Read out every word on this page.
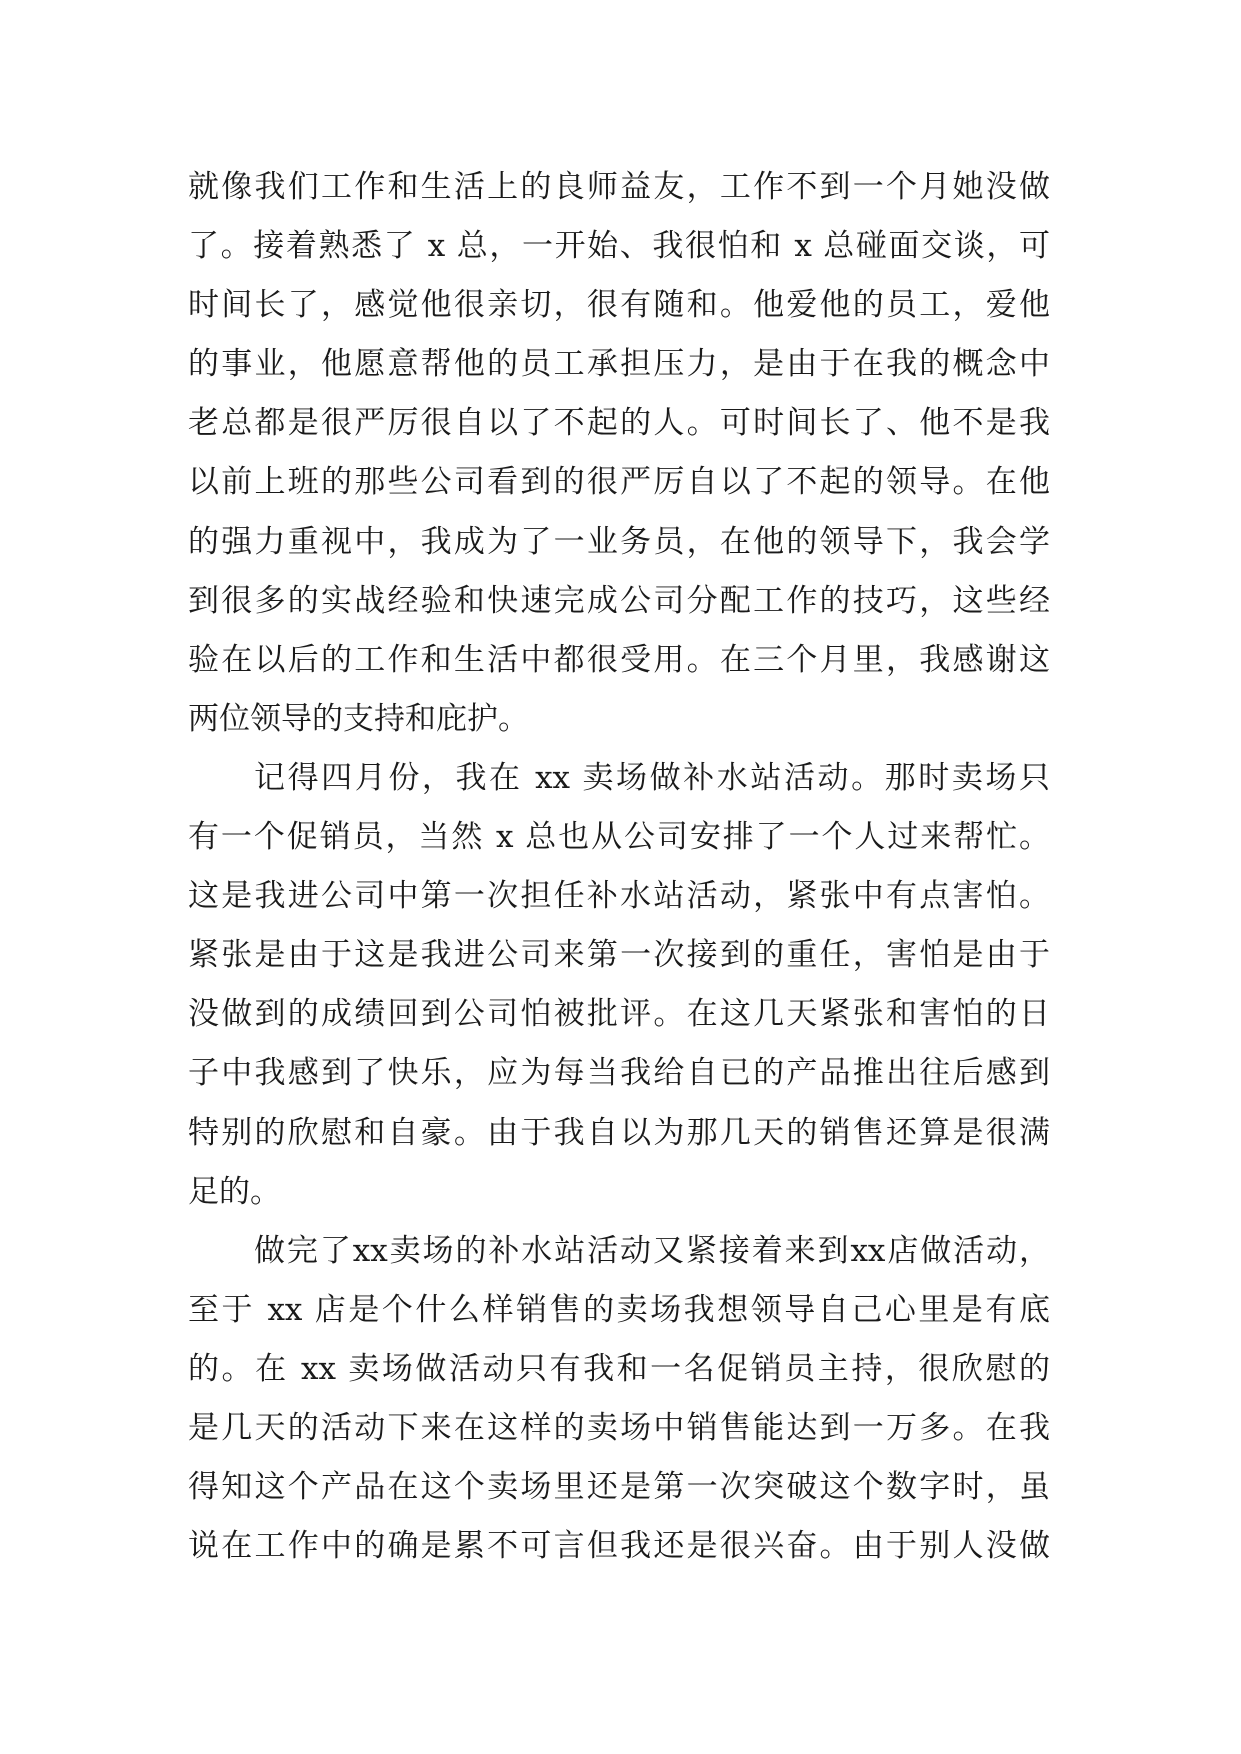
就像我们工作和生活上的良师益友，工作不到一个月她没做
了。接着熟悉了 x 总，一开始、我很怕和 x 总碰面交谈，可
时间长了，感觉他很亲切，很有随和。他爱他的员工，爱他
的事业，他愿意帮他的员工承担压力，是由于在我的概念中
老总都是很严厉很自以了不起的人。可时间长了、他不是我
以前上班的那些公司看到的很严厉自以了不起的领导。在他
的强力重视中，我成为了一业务员，在他的领导下，我会学
到很多的实战经验和快速完成公司分配工作的技巧，这些经
验在以后的工作和生活中都很受用。在三个月里，我感谢这
两位领导的支持和庇护。
记得四月份，我在 xx 卖场做补水站活动。那时卖场只
有一个促销员，当然 x 总也从公司安排了一个人过来帮忙。
这是我进公司中第一次担任补水站活动，紧张中有点害怕。
紧张是由于这是我进公司来第一次接到的重任，害怕是由于
没做到的成绩回到公司怕被批评。在这几天紧张和害怕的日
子中我感到了快乐，应为每当我给自已的产品推出往后感到
特别的欣慰和自豪。由于我自以为那几天的销售还算是很满
足的。
做完了xx卖场的补水站活动又紧接着来到xx店做活动，
至于 xx 店是个什么样销售的卖场我想领导自己心里是有底
的。在 xx 卖场做活动只有我和一名促销员主持，很欣慰的
是几天的活动下来在这样的卖场中销售能达到一万多。在我
得知这个产品在这个卖场里还是第一次突破这个数字时，虽
说在工作中的确是累不可言但我还是很兴奋。由于别人没做
